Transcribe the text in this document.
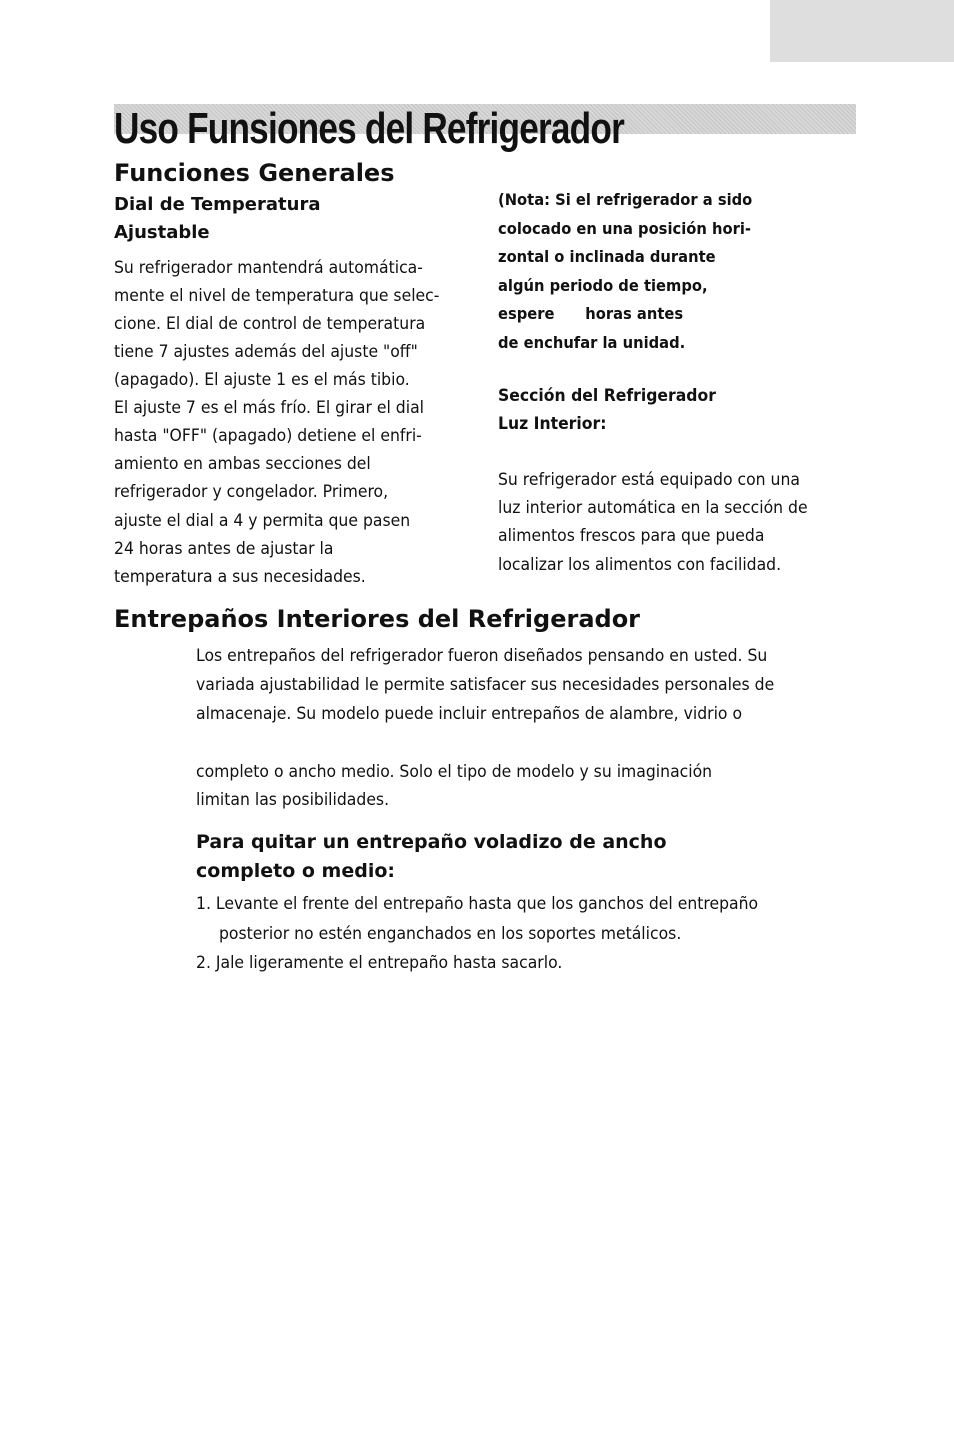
Uso Funsiones del Refrigerador
Funciones Generales
Dial de Temperatura
Ajustable

Su refrigerador mantendrá automática-

mente el nivel de temperatura que selec-

cione. El dial de control de temperatura

tiene 7 ajustes además del ajuste "off"

(apagado). El ajuste 1 es el más tibio.

El ajuste 7 es el más frío. El girar el dial

hasta "OFF" (apagado) detiene el enfri-

amiento en ambas secciones del

refrigerador y congelador. Primero,

ajuste el dial a 4 y permita que pasen

24 horas antes de ajustar la

temperatura a sus necesidades.

(Nota: Si el refrigerador a sido

colocado en una posición hori-

zontal o inclinada durante

algún periodo de tiempo,

espere      horas antes

de enchufar la unidad.

Sección del Refrigerador
Luz Interior:

Su refrigerador está equipado con una

luz interior automática en la sección de

alimentos frescos para que pueda

localizar los alimentos con facilidad.

Entrepaños Interiores del Refrigerador

Los entrepaños del refrigerador fueron diseñados pensando en usted. Su

variada ajustabilidad le permite satisfacer sus necesidades personales de

almacenaje. Su modelo puede incluir entrepaños de alambre, vidrio o

completo o ancho medio. Solo el tipo de modelo y su imaginación

limitan las posibilidades.

Para quitar un entrepaño voladizo de ancho
completo o medio:

1. Levante el frente del entrepaño hasta que los ganchos del entrepaño

posterior no estén enganchados en los soportes metálicos.

2. Jale ligeramente el entrepaño hasta sacarlo.
